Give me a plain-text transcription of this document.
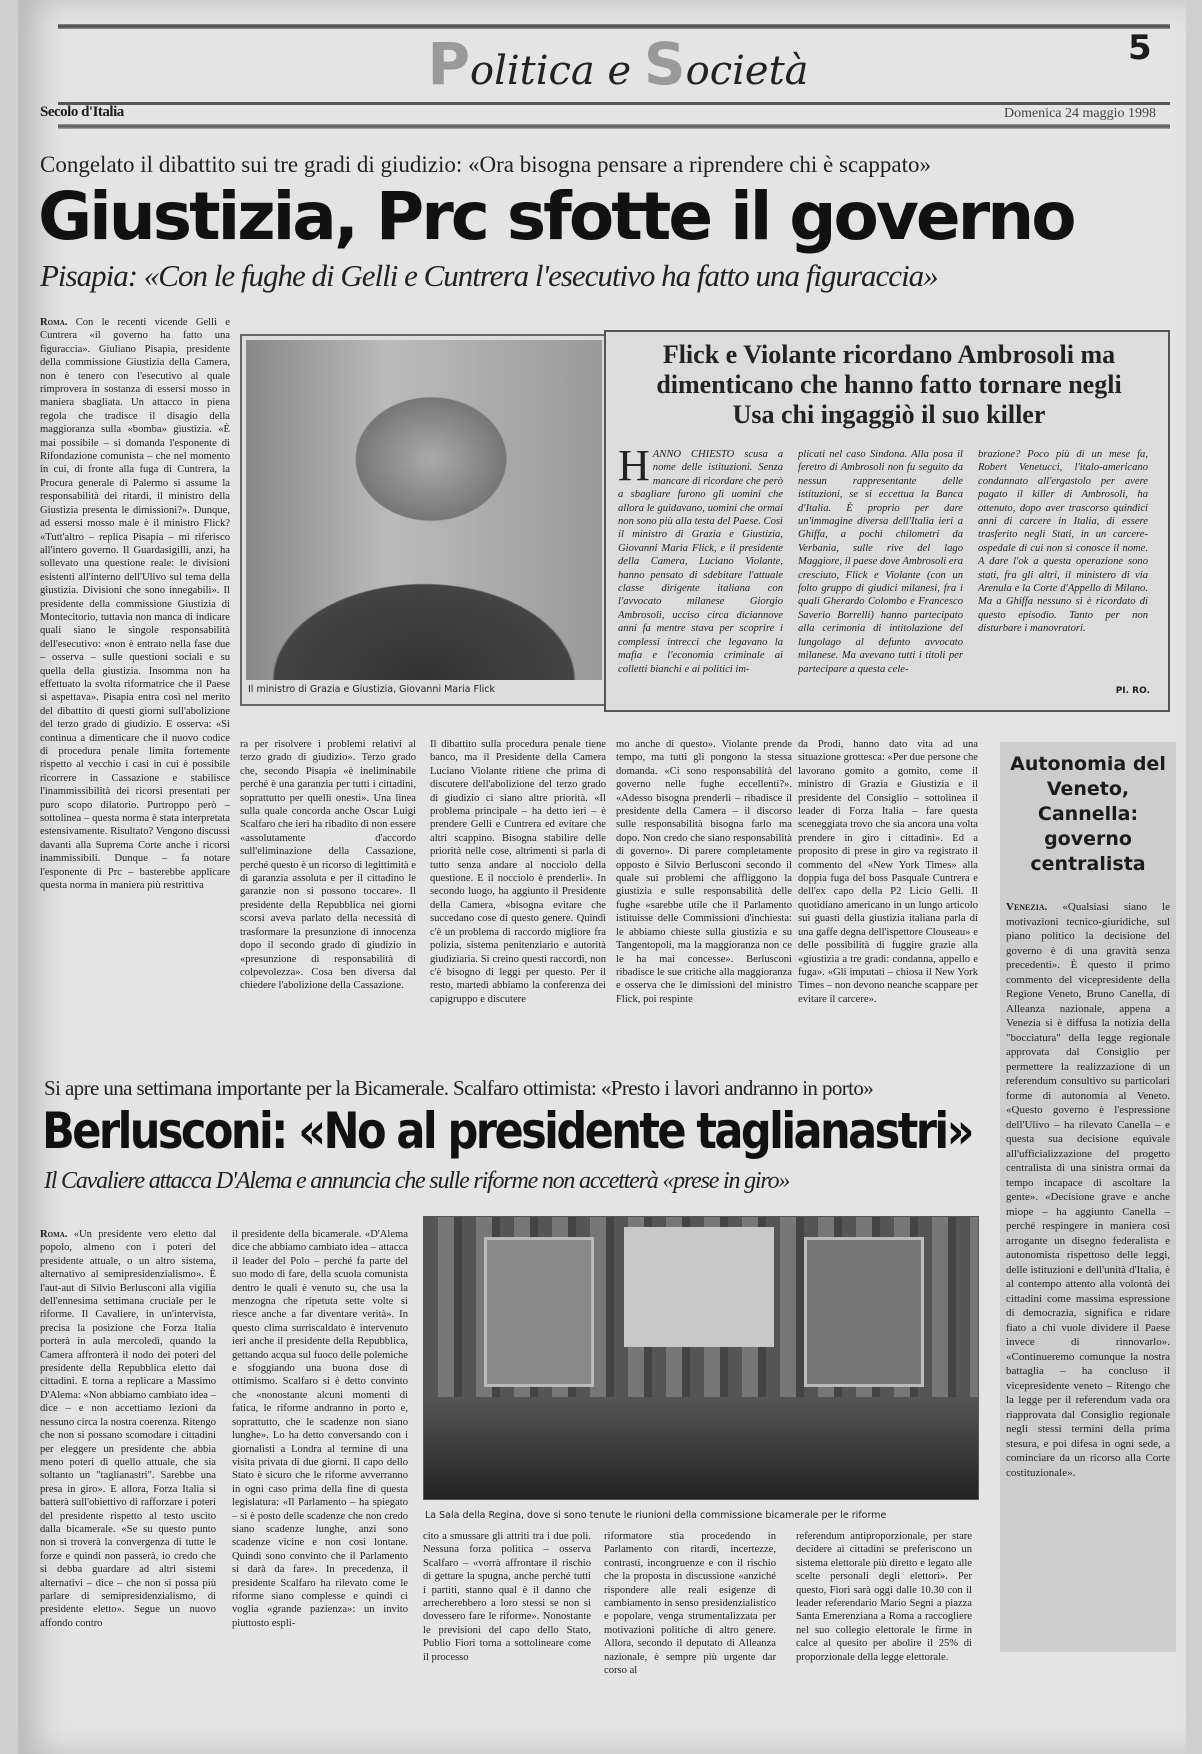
Politica e Società	5
Secolo d'Italia	Domenica 24 maggio 1998
Congelato il dibattito sui tre gradi di giudizio: «Ora bisogna pensare a riprendere chi è scappato»
Giustizia, Prc sfotte il governo
Pisapia: «Con le fughe di Gelli e Cuntrera l'esecutivo ha fatto una figuraccia»
Roma. Con le recenti vicende Gelli e Cuntrera «il governo ha fatto una figuraccia». Giuliano Pisapia, presidente della commissione Giustizia della Camera, non è tenero con l'esecutivo al quale rimprovera in sostanza di essersi mosso in maniera sbagliata. Un attacco in piena regola che tradisce il disagio della maggioranza sulla «bomba» giustizia. «È mai possibile – si domanda l'esponente di Rifondazione comunista – che nel momento in cui, di fronte alla fuga di Cuntrera, la Procura generale di Palermo si assume la responsabilità dei ritardi, il ministro della Giustizia presenta le dimissioni?». Dunque, ad essersi mosso male è il ministro Flick? «Tutt'altro – replica Pisapia – mi riferisco all'intero governo. Il Guardasigilli, anzi, ha sollevato una questione reale: le divisioni esistenti all'interno dell'Ulivo sul tema della giustizia. Divisioni che sono innegabili». Il presidente della commissione Giustizia di Montecitorio, tuttavia non manca di indicare quali siano le singole responsabilità dell'esecutivo: «non è entrato nella fase due – osserva – sulle questioni sociali e su quella della giustizia. Insomma non ha effettuato la svolta riformatrice che il Paese si aspettava». Pisapia entra così nel merito del dibattito di questi giorni sull'abolizione del terzo grado di giudizio. E osserva: «Si continua a dimenticare che il nuovo codice di procedura penale limita fortemente rispetto al vecchio i casi in cui è possibile ricorrere in Cassazione e stabilisce l'inammissibilità dei ricorsi presentati per puro scopo dilatorio. Purtroppo però – sottolinea – questa norma è stata interpretata estensivamente. Risultato? Vengono discussi davanti alla Suprema Corte anche i ricorsi inammissibili. Dunque – fa notare l'esponente di Prc – basterebbe applicare questa norma in maniera più restrittiva
Il ministro di Grazia e Giustizia, Giovanni Maria Flick
Flick e Violante ricordano Ambrosoli ma dimenticano che hanno fatto tornare negli Usa chi ingaggiò il suo killer
HANNO CHIESTO scusa a nome delle istituzioni. Senza mancare di ricordare che però a sbagliare furono gli uomini che allora le guidavano, uomini che ormai non sono più alla testa del Paese. Così il ministro di Grazia e Giustizia, Giovanni Maria Flick, e il presidente della Camera, Luciano Violante, hanno pensato di sdebitare l'attuale classe dirigente italiana con l'avvocato milanese Giorgio Ambrosoli, ucciso circa diciannove anni fa mentre stava per scoprire i complessi intrecci che legavano la mafia e l'economia criminale ai colletti bianchi e ai politici im-
plicati nel caso Sindona. Alla posa il feretro di Ambrosoli non fu seguito da nessun rappresentante delle istituzioni, se si eccettua la Banca d'Italia. È proprio per dare un'immagine diversa dell'Italia ieri a Ghiffa, a pochi chilometri da Verbania, sulle rive del lago Maggiore, il paese dove Ambrosoli era cresciuto, Flick e Violante (con un folto gruppo di giudici milanesi, fra i quali Gherardo Colombo e Francesco Saverio Borrelli) hanno partecipato alla cerimonia di intitolazione del lungolago al defunto avvocato milanese. Ma avevano tutti i titoli per partecipare a questa cele-
brazione? Poco più di un mese fa, Robert Venetucci, l'italo-americano condannato all'ergastolo per avere pagato il killer di Ambrosoli, ha ottenuto, dopo aver trascorso quindici anni di carcere in Italia, di essere trasferito negli Stati, in un carcere-ospedale di cui non si conosce il nome. A dare l'ok a questa operazione sono stati, fra gli altri, il ministero di via Arenula e la Corte d'Appello di Milano. Ma a Ghiffa nessuno si è ricordato di questo episodio. Tanto per non disturbare i manovratori.
PI. RO.
ra per risolvere i problemi relativi al terzo grado di giudizio». Terzo grado che, secondo Pisapia «è ineliminabile perché è una garanzia per tutti i cittadini, soprattutto per quelli onesti». Una linea sulla quale concorda anche Oscar Luigi Scalfaro che ieri ha ribadito di non essere «assolutamente d'accordo sull'eliminazione della Cassazione, perché questo è un ricorso di legittimità e di garanzia assoluta e per il cittadino le garanzie non si possono toccare». Il presidente della Repubblica nei giorni scorsi aveva parlato della necessità di trasformare la presunzione di innocenza dopo il secondo grado di giudizio in «presunzione di responsabilità di colpevolezza». Cosa ben diversa dal chiedere l'abolizione della Cassazione.
Il dibattito sulla procedura penale tiene banco, ma il Presidente della Camera Luciano Violante ritiene che prima di discutere dell'abolizione del terzo grado di giudizio ci siano altre priorità. «Il problema principale – ha detto ieri – è prendere Gelli e Cuntrera ed evitare che altri scappino. Bisogna stabilire delle priorità nelle cose, altrimenti si parla di tutto senza andare al nocciolo della questione. E il nocciolo è prenderli». In secondo luogo, ha aggiunto il Presidente della Camera, «bisogna evitare che succedano cose di questo genere. Quindi c'è un problema di raccordo migliore fra polizia, sistema penitenziario e autorità giudiziaria. Si creino questi raccordi, non c'è bisogno di leggi per questo. Per il resto, martedì abbiamo la conferenza dei capigruppo e discutere
mo anche di questo». Violante prende tempo, ma tutti gli pongono la stessa domanda. «Ci sono responsabilità del governo nelle fughe eccellenti?». «Adesso bisogna prenderli – ribadisce il presidente della Camera – il discorso sulle responsabilità bisogna farlo ma dopo. Non credo che siano responsabilità di governo». Di parere completamente opposto è Silvio Berlusconi secondo il quale sui problemi che affliggono la giustizia e sulle responsabilità delle fughe «sarebbe utile che il Parlamento istituisse delle Commissioni d'inchiesta: le abbiamo chieste sulla giustizia e su Tangentopoli, ma la maggioranza non ce le ha mai concesse». Berlusconi ribadisce le sue critiche alla maggioranza e osserva che le dimissioni del ministro Flick, poi respinte
da Prodi, hanno dato vita ad una situazione grottesca: «Per due persone che lavorano gomito a gomito, come il ministro di Grazia e Giustizia e il presidente del Consiglio – sottolinea il leader di Forza Italia – fare questa sceneggiata trovo che sia ancora una volta prendere in giro i cittadini». Ed a proposito di prese in giro va registrato il commento del «New York Times» alla doppia fuga del boss Pasquale Cuntrera e dell'ex capo della P2 Licio Gelli. Il quotidiano americano in un lungo articolo sui guasti della giustizia italiana parla di una gaffe degna dell'ispettore Clouseau» e delle possibilità di fuggire grazie alla «giustizia a tre gradi: condanna, appello e fuga». «Gli imputati – chiosa il New York Times – non devono neanche scappare per evitare il carcere».
Autonomia del Veneto, Cannella: governo centralista
Venezia. «Qualsiasi siano le motivazioni tecnico-giuridiche, sul piano politico la decisione del governo è di una gravità senza precedenti». È questo il primo commento del vicepresidente della Regione Veneto, Bruno Canella, di Alleanza nazionale, appena a Venezia si è diffusa la notizia della "bocciatura" della legge regionale approvata dal Consiglio per permettere la realizzazione di un referendum consultivo su particolari forme di autonomia al Veneto. «Questo governo è l'espressione dell'Ulivo – ha rilevato Canella – e questa sua decisione equivale all'ufficializzazione del progetto centralista di una sinistra ormai da tempo incapace di ascoltare la gente». «Decisione grave e anche miope – ha aggiunto Canella – perché respingere in maniera così arrogante un disegno federalista e autonomista rispettoso delle leggi, delle istituzioni e dell'unità d'Italia, è al contempo attento alla volontà dei cittadini come massima espressione di democrazia, significa e ridare fiato a chi vuole dividere il Paese invece di rinnovarlo». «Continueremo comunque la nostra battaglia – ha concluso il vicepresidente veneto – Ritengo che la legge per il referendum vada ora riapprovata dal Consiglio regionale negli stessi termini della prima stesura, e poi difesa in ogni sede, a cominciare da un ricorso alla Corte costituzionale».
Si apre una settimana importante per la Bicamerale. Scalfaro ottimista: «Presto i lavori andranno in porto»
Berlusconi: «No al presidente taglianastri»
Il Cavaliere attacca D'Alema e annuncia che sulle riforme non accetterà «prese in giro»
Roma. «Un presidente vero eletto dal popolo, almeno con i poteri del presidente attuale, o un altro sistema, alternativo al semipresidenzialismo». È l'aut-aut di Silvio Berlusconi alla vigilia dell'ennesima settimana cruciale per le riforme. Il Cavaliere, in un'intervista, precisa la posizione che Forza Italia porterà in aula mercoledì, quando la Camera affronterà il nodo dei poteri del presidente della Repubblica eletto dai cittadini. E torna a replicare a Massimo D'Alema: «Non abbiamo cambiato idea – dice – e non accettiamo lezioni da nessuno circa la nostra coerenza. Ritengo che non si possano scomodare i cittadini per eleggere un presidente che abbia meno poteri di quello attuale, che sia soltanto un "taglianastri". Sarebbe una presa in giro». E allora, Forza Italia si batterà sull'obiettivo di rafforzare i poteri del presidente rispetto al testo uscito dalla bicamerale. «Se su questo punto non si troverà la convergenza di tutte le forze e quindi non passerà, io credo che si debba guardare ad altri sistemi alternativi – dice – che non si possa più parlare di semipresidenzialismo, di presidente eletto». Segue un nuovo affondo contro
il presidente della bicamerale. «D'Alema dice che abbiamo cambiato idea – attacca il leader del Polo – perché fa parte del suo modo di fare, della scuola comunista dentro le quali è venuto su, che usa la menzogna che ripetuta sette volte si riesce anche a far diventare verità». In questo clima surriscaldato è intervenuto ieri anche il presidente della Repubblica, gettando acqua sul fuoco delle polemiche e sfoggiando una buona dose di ottimismo. Scalfaro si è detto convinto che «nonostante alcuni momenti di fatica, le riforme andranno in porto e, soprattutto, che le scadenze non siano lunghe». Lo ha detto conversando con i giornalisti a Londra al termine di una visita privata di due giorni. Il capo dello Stato è sicuro che le riforme avverranno in ogni caso prima della fine di questa legislatura: «Il Parlamento – ha spiegato – si è posto delle scadenze che non credo siano scadenze lunghe, anzi sono scadenze vicine e non così lontane. Quindi sono convinto che il Parlamento si darà da fare». In precedenza, il presidente Scalfaro ha rilevato come le riforme siano complesse e quindi ci voglia «grande pazienza»: un invito piuttosto espli-
La Sala della Regina, dove si sono tenute le riunioni della commissione bicamerale per le riforme
cito a smussare gli attriti tra i due poli. Nessuna forza politica – osserva Scalfaro – «vorrà affrontare il rischio di gettare la spugna, anche perché tutti i partiti, stanno qual è il danno che arrecherebbero a loro stessi se non si dovessero fare le riforme». Nonostante le previsioni del capo dello Stato, Publio Fiori torna a sottolineare come il processo
riformatore stia procedendo in Parlamento con ritardi, incertezze, contrasti, incongruenze e con il rischio che la proposta in discussione «anziché rispondere alle reali esigenze di cambiamento in senso presidenzialistico e popolare, venga strumentalizzata per motivazioni politiche di altro genere. Allora, secondo il deputato di Alleanza nazionale, è sempre più urgente dar corso al
referendum antiproporzionale, per stare decidere ai cittadini se preferiscono un sistema elettorale più diretto e legato alle scelte personali degli elettori». Per questo, Fiori sarà oggi dalle 10.30 con il leader referendario Mario Segni a piazza Santa Emerenziana a Roma a raccogliere nel suo collegio elettorale le firme in calce al quesito per abolire il 25% di proporzionale della legge elettorale.
